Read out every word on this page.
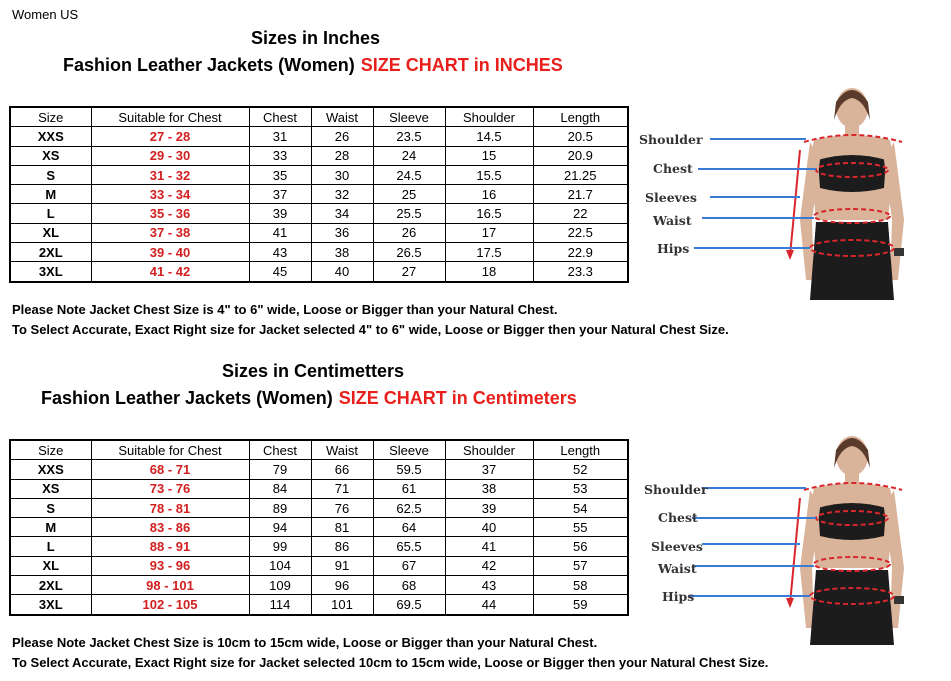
Women US
Sizes in Inches
Fashion Leather Jackets (Women) SIZE CHART in INCHES
Size	Suitable for Chest	Chest	Waist	Sleeve	Shoulder	Length
XXS	27 - 28	31	26	23.5	14.5	20.5
XS	29 - 30	33	28	24	15	20.9
S	31 - 32	35	30	24.5	15.5	21.25
M	33 - 34	37	32	25	16	21.7
L	35 - 36	39	34	25.5	16.5	22
XL	37 - 38	41	36	26	17	22.5
2XL	39 - 40	43	38	26.5	17.5	22.9
3XL	41 - 42	45	40	27	18	23.3
Please Note Jacket Chest Size is 4" to 6" wide, Loose or Bigger than your Natural Chest.
To Select Accurate, Exact Right size for Jacket selected 4" to 6" wide, Loose or Bigger then your Natural Chest Size.
Sizes in Centimetters
Fashion Leather Jackets (Women) SIZE CHART in Centimeters
Size	Suitable for Chest	Chest	Waist	Sleeve	Shoulder	Length
XXS	68 - 71	79	66	59.5	37	52
XS	73 - 76	84	71	61	38	53
S	78 - 81	89	76	62.5	39	54
M	83 - 86	94	81	64	40	55
L	88 - 91	99	86	65.5	41	56
XL	93 - 96	104	91	67	42	57
2XL	98 - 101	109	96	68	43	58
3XL	102 - 105	114	101	69.5	44	59
Please Note Jacket Chest Size is 10cm to 15cm wide, Loose or Bigger than your Natural Chest.
To Select Accurate, Exact Right size for Jacket selected 10cm to 15cm wide, Loose or Bigger then your Natural Chest Size.
Shoulder
Chest
Sleeves
Waist
Hips
Shoulder
Chest
Sleeves
Waist
Hips
